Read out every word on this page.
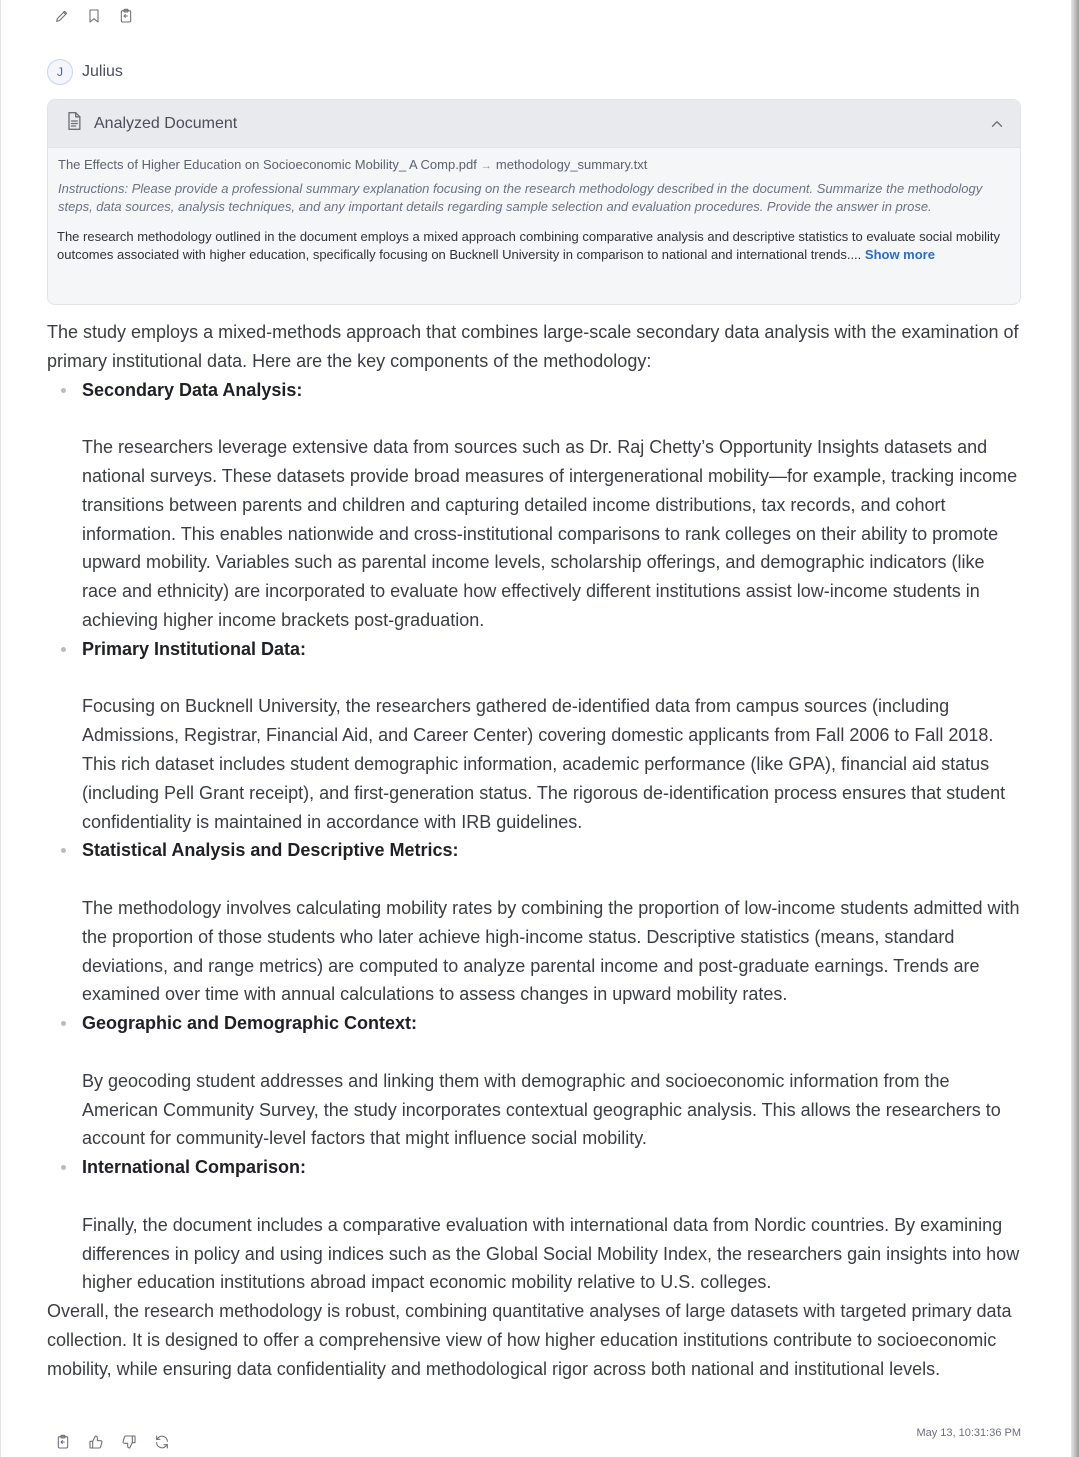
J	Julius
Analyzed Document
The Effects of Higher Education on Socioeconomic Mobility_ A Comp.pdf → methodology_summary.txt
Instructions: Please provide a professional summary explanation focusing on the research methodology described in the document. Summarize the methodology steps, data sources, analysis techniques, and any important details regarding sample selection and evaluation procedures. Provide the answer in prose.
The research methodology outlined in the document employs a mixed approach combining comparative analysis and descriptive statistics to evaluate social mobility outcomes associated with higher education, specifically focusing on Bucknell University in comparison to national and international trends.... Show more

The study employs a mixed-methods approach that combines large-scale secondary data analysis with the examination of primary institutional data. Here are the key components of the methodology:

Secondary Data Analysis:
The researchers leverage extensive data from sources such as Dr. Raj Chetty’s Opportunity Insights datasets and national surveys. These datasets provide broad measures of intergenerational mobility—for example, tracking income transitions between parents and children and capturing detailed income distributions, tax records, and cohort information. This enables nationwide and cross-institutional comparisons to rank colleges on their ability to promote upward mobility. Variables such as parental income levels, scholarship offerings, and demographic indicators (like race and ethnicity) are incorporated to evaluate how effectively different institutions assist low-income students in achieving higher income brackets post-graduation.
Primary Institutional Data:
Focusing on Bucknell University, the researchers gathered de-identified data from campus sources (including Admissions, Registrar, Financial Aid, and Career Center) covering domestic applicants from Fall 2006 to Fall 2018. This rich dataset includes student demographic information, academic performance (like GPA), financial aid status (including Pell Grant receipt), and first-generation status. The rigorous de-identification process ensures that student confidentiality is maintained in accordance with IRB guidelines.
Statistical Analysis and Descriptive Metrics:
The methodology involves calculating mobility rates by combining the proportion of low-income students admitted with the proportion of those students who later achieve high-income status. Descriptive statistics (means, standard deviations, and range metrics) are computed to analyze parental income and post-graduate earnings. Trends are examined over time with annual calculations to assess changes in upward mobility rates.
Geographic and Demographic Context:
By geocoding student addresses and linking them with demographic and socioeconomic information from the American Community Survey, the study incorporates contextual geographic analysis. This allows the researchers to account for community-level factors that might influence social mobility.
International Comparison:
Finally, the document includes a comparative evaluation with international data from Nordic countries. By examining differences in policy and using indices such as the Global Social Mobility Index, the researchers gain insights into how higher education institutions abroad impact economic mobility relative to U.S. colleges.

Overall, the research methodology is robust, combining quantitative analyses of large datasets with targeted primary data collection. It is designed to offer a comprehensive view of how higher education institutions contribute to socioeconomic mobility, while ensuring data confidentiality and methodological rigor across both national and institutional levels.

May 13, 10:31:36 PM
